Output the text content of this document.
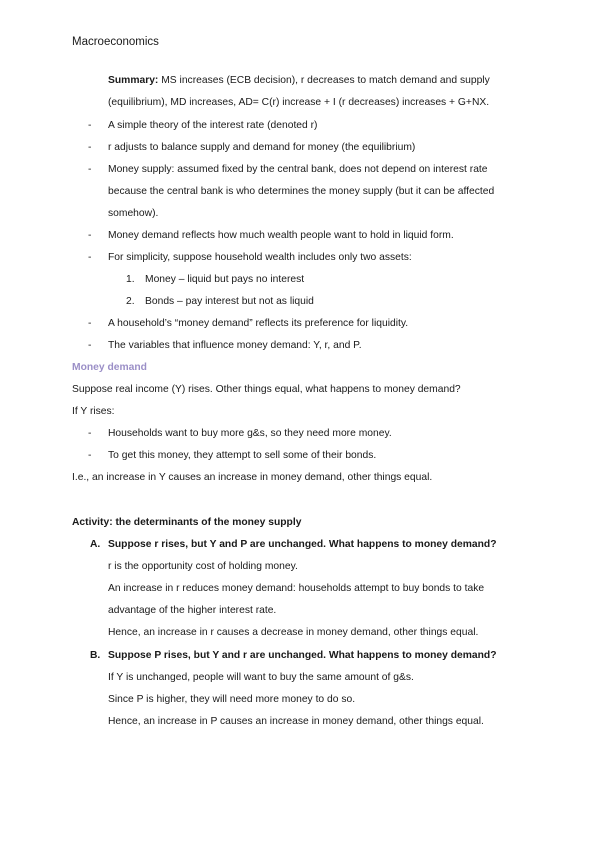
Macroeconomics
Summary: MS increases (ECB decision), r decreases to match demand and supply
(equilibrium), MD increases, AD= C(r) increase + I (r decreases) increases + G+NX.
- A simple theory of the interest rate (denoted r)
- r adjusts to balance supply and demand for money (the equilibrium)
- Money supply: assumed fixed by the central bank, does not depend on interest rate
because the central bank is who determines the money supply (but it can be affected
somehow).
- Money demand reflects how much wealth people want to hold in liquid form.
- For simplicity, suppose household wealth includes only two assets:
1. Money – liquid but pays no interest
2. Bonds – pay interest but not as liquid
- A household’s “money demand” reflects its preference for liquidity.
- The variables that influence money demand: Y, r, and P.
Money demand
Suppose real income (Y) rises. Other things equal, what happens to money demand?
If Y rises:
- Households want to buy more g&s, so they need more money.
- To get this money, they attempt to sell some of their bonds.
I.e., an increase in Y causes an increase in money demand, other things equal.
Activity: the determinants of the money supply
A. Suppose r rises, but Y and P are unchanged. What happens to money demand?
r is the opportunity cost of holding money.
An increase in r reduces money demand: households attempt to buy bonds to take
advantage of the higher interest rate.
Hence, an increase in r causes a decrease in money demand, other things equal.
B. Suppose P rises, but Y and r are unchanged. What happens to money demand?
If Y is unchanged, people will want to buy the same amount of g&s.
Since P is higher, they will need more money to do so.
Hence, an increase in P causes an increase in money demand, other things equal.
